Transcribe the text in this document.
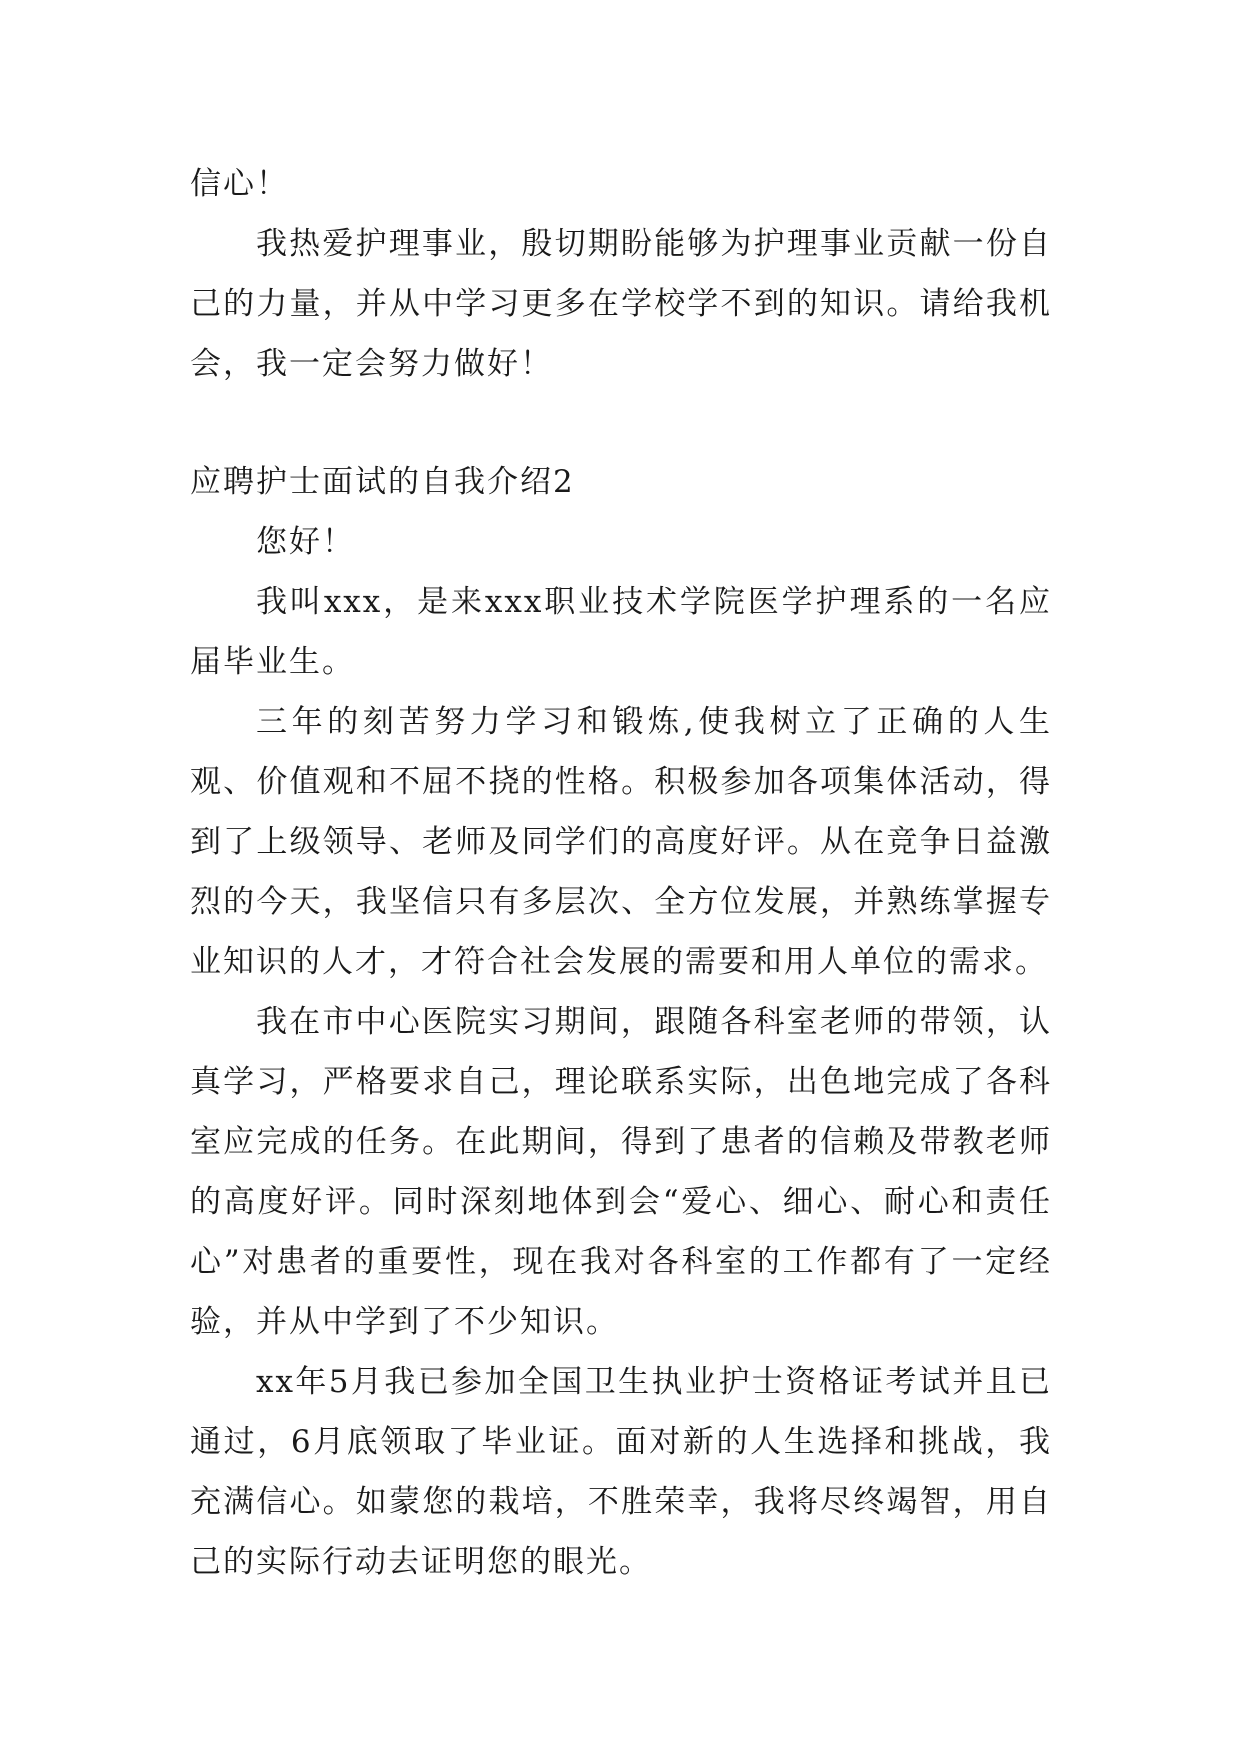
信心！

我热爱护理事业，殷切期盼能够为护理事业贡献一份自己的力量，并从中学习更多在学校学不到的知识。请给我机会，我一定会努力做好！

应聘护士面试的自我介绍2

您好！

我叫xxx，是来xxx职业技术学院医学护理系的一名应届毕业生。

三年的刻苦努力学习和锻炼,使我树立了正确的人生观、价值观和不屈不挠的性格。积极参加各项集体活动，得到了上级领导、老师及同学们的高度好评。从在竞争日益激烈的今天，我坚信只有多层次、全方位发展，并熟练掌握专业知识的人才，才符合社会发展的需要和用人单位的需求。

我在市中心医院实习期间，跟随各科室老师的带领，认真学习，严格要求自己，理论联系实际，出色地完成了各科室应完成的任务。在此期间，得到了患者的信赖及带教老师的高度好评。同时深刻地体到会“爱心、细心、耐心和责任心”对患者的重要性，现在我对各科室的工作都有了一定经验，并从中学到了不少知识。

xx年5月我已参加全国卫生执业护士资格证考试并且已通过，6月底领取了毕业证。面对新的人生选择和挑战，我充满信心。如蒙您的栽培，不胜荣幸，我将尽终竭智，用自己的实际行动去证明您的眼光。
